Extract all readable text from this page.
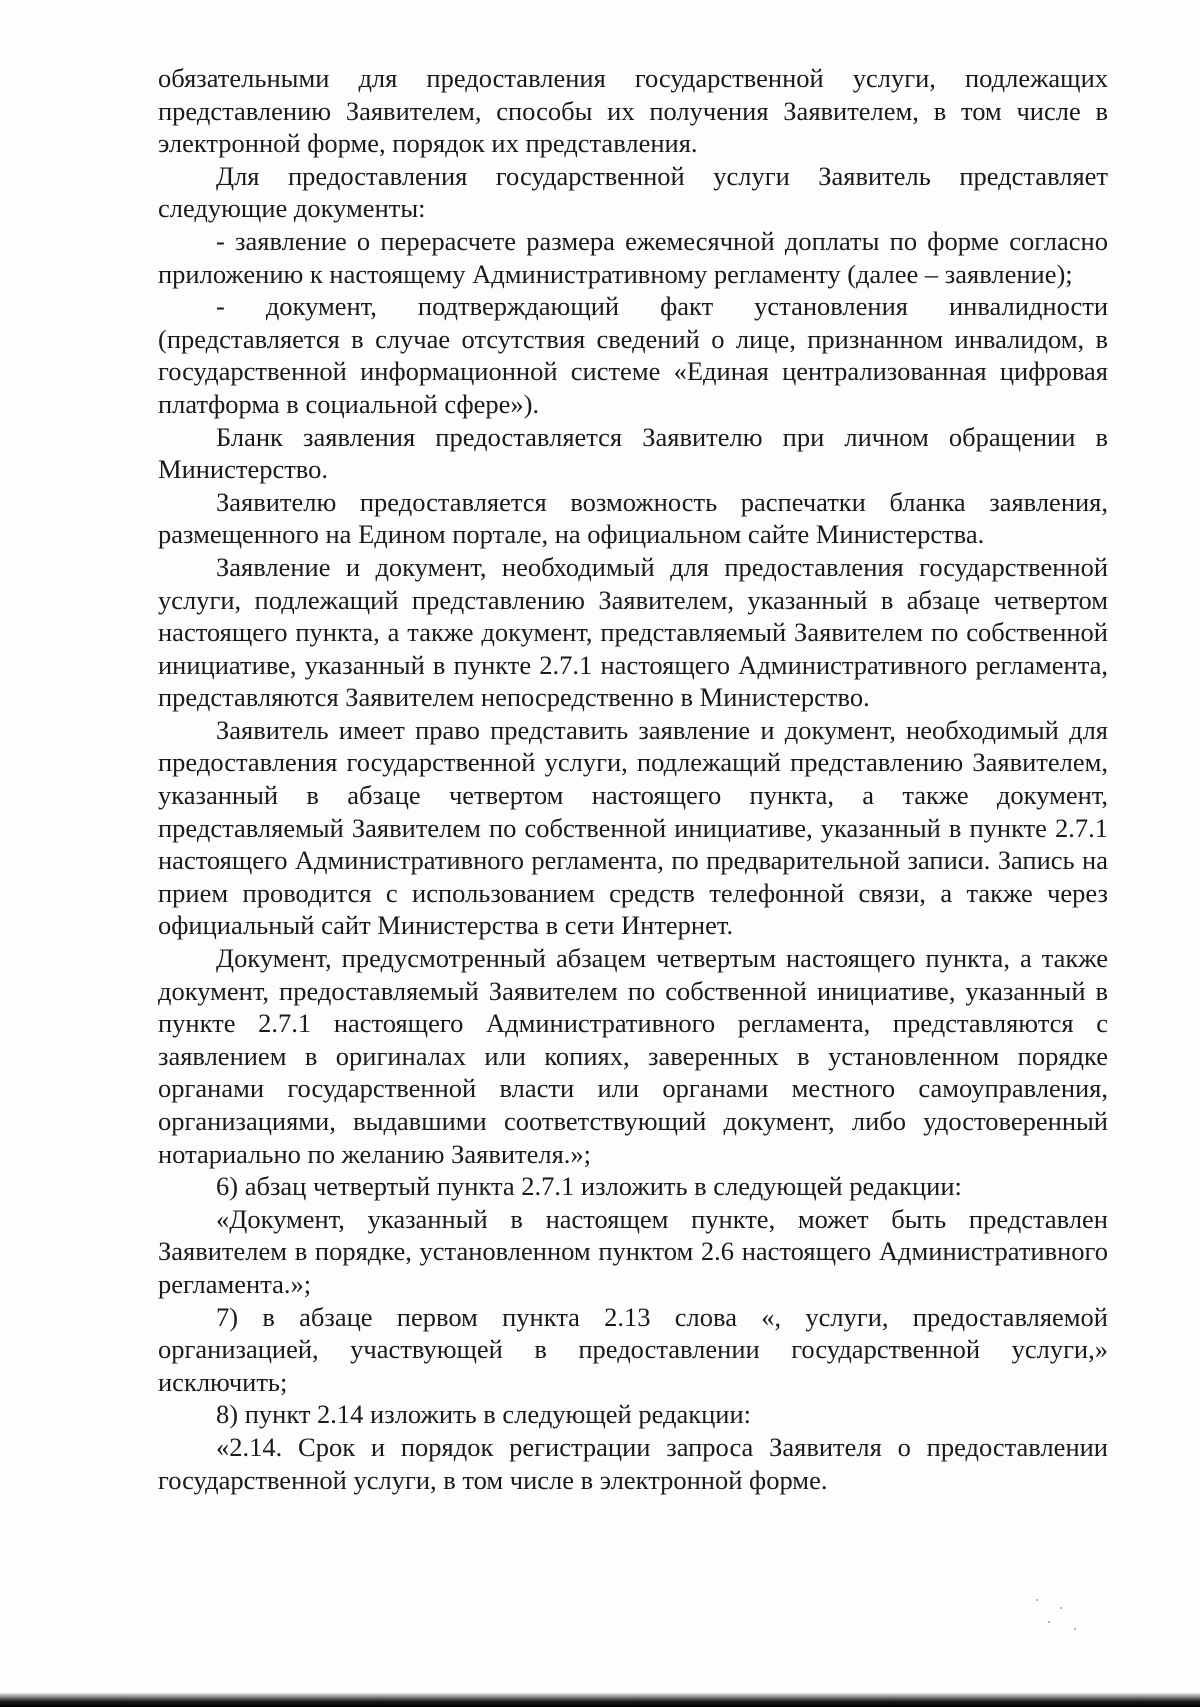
обязательными для предоставления государственной услуги, подлежащих представлению Заявителем, способы их получения Заявителем, в том числе в электронной форме, порядок их представления.

Для предоставления государственной услуги Заявитель представляет следующие документы:

- заявление о перерасчете размера ежемесячной доплаты по форме согласно приложению к настоящему Административному регламенту (далее – заявление);

- документ, подтверждающий факт установления инвалидности (представляется в случае отсутствия сведений о лице, признанном инвалидом, в государственной информационной системе «Единая централизованная цифровая платформа в социальной сфере»).

Бланк заявления предоставляется Заявителю при личном обращении в Министерство.

Заявителю предоставляется возможность распечатки бланка заявления, размещенного на Едином портале, на официальном сайте Министерства.

Заявление и документ, необходимый для предоставления государственной услуги, подлежащий представлению Заявителем, указанный в абзаце четвертом настоящего пункта, а также документ, представляемый Заявителем по собственной инициативе, указанный в пункте 2.7.1 настоящего Административного регламента, представляются Заявителем непосредственно в Министерство.

Заявитель имеет право представить заявление и документ, необходимый для предоставления государственной услуги, подлежащий представлению Заявителем, указанный в абзаце четвертом настоящего пункта, а также документ, представляемый Заявителем по собственной инициативе, указанный в пункте 2.7.1 настоящего Административного регламента, по предварительной записи. Запись на прием проводится с использованием средств телефонной связи, а также через официальный сайт Министерства в сети Интернет.

Документ, предусмотренный абзацем четвертым настоящего пункта, а также документ, предоставляемый Заявителем по собственной инициативе, указанный в пункте 2.7.1 настоящего Административного регламента, представляются с заявлением в оригиналах или копиях, заверенных в установленном порядке органами государственной власти или органами местного самоуправления, организациями, выдавшими соответствующий документ, либо удостоверенный нотариально по желанию Заявителя.»;

6) абзац четвертый пункта 2.7.1 изложить в следующей редакции:

«Документ, указанный в настоящем пункте, может быть представлен Заявителем в порядке, установленном пунктом 2.6 настоящего Административного регламента.»;

7) в абзаце первом пункта 2.13 слова «, услуги, предоставляемой организацией, участвующей в предоставлении государственной услуги,» исключить;

8) пункт 2.14 изложить в следующей редакции:

«2.14. Срок и порядок регистрации запроса Заявителя о предоставлении государственной услуги, в том числе в электронной форме.
